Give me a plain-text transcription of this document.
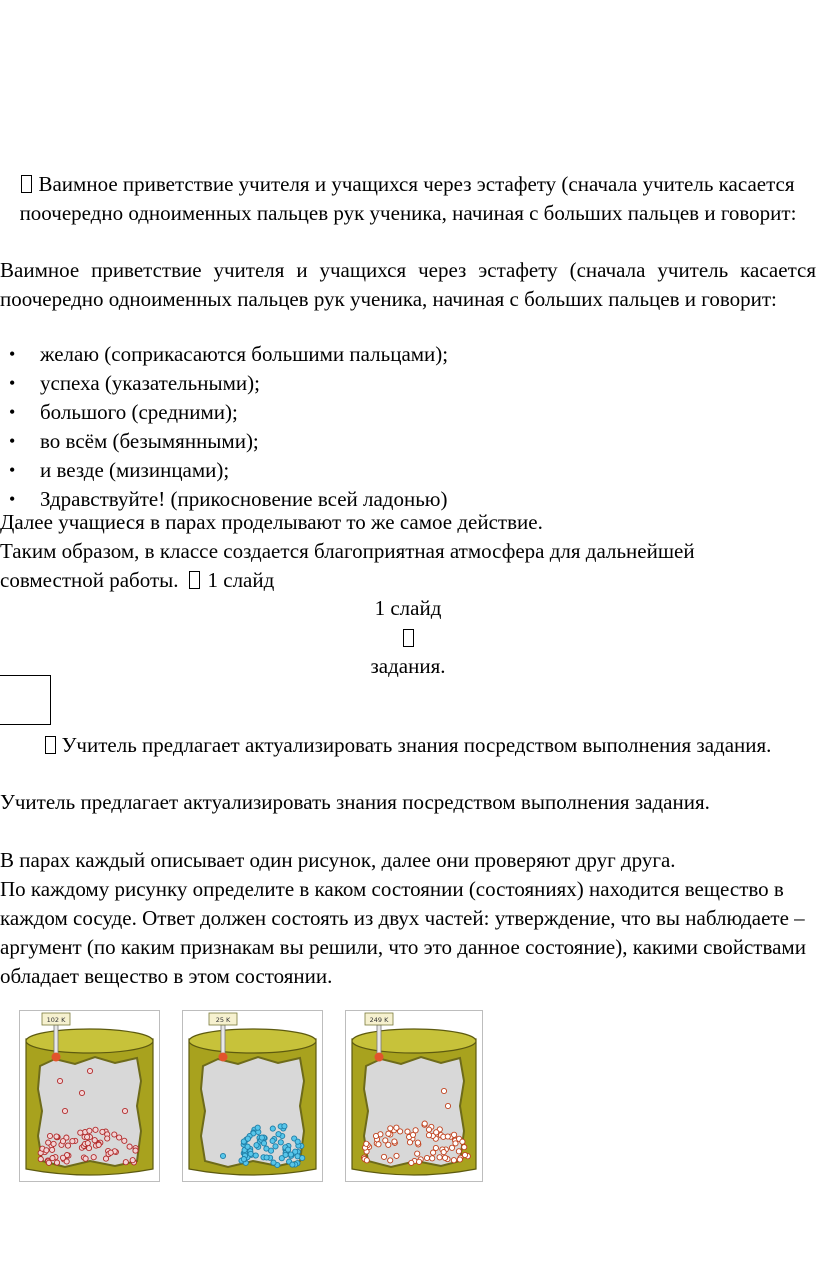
Ваимное приветствие учителя и учащихся через эстафету (сначала учитель касается поочередно одноименных пальцев рук ученика, начиная с больших пальцев и говорит:
Ваимное приветствие учителя и учащихся через эстафету (сначала учитель касается поочередно одноименных пальцев рук ученика, начиная с больших пальцев и говорит:
• желаю (соприкасаются большими пальцами);
• успеха (указательными);
• большого (средними);
• во всём (безымянными);
• и везде (мизинцами);
• Здравствуйте! (прикосновение всей ладонью)
Далее учащиеся в парах проделывают то же самое действие.
Таким образом, в классе создается благоприятная атмосфера для дальнейшей
совместной работы. 1 слайд
1 слайд
задания.
Учитель предлагает актуализировать знания посредством выполнения задания.
Учитель предлагает актуализировать знания посредством выполнения задания.
В парах каждый описывает один рисунок, далее они проверяют друг друга.
По каждому рисунку определите в каком состоянии (состояниях) находится вещество в каждом сосуде. Ответ должен состоять из двух частей: утверждение, что вы наблюдаете – аргумент (по каким признакам вы решили, что это данное состояние), какими свойствами обладает вещество в этом состоянии.
102 K	25 K	249 K
